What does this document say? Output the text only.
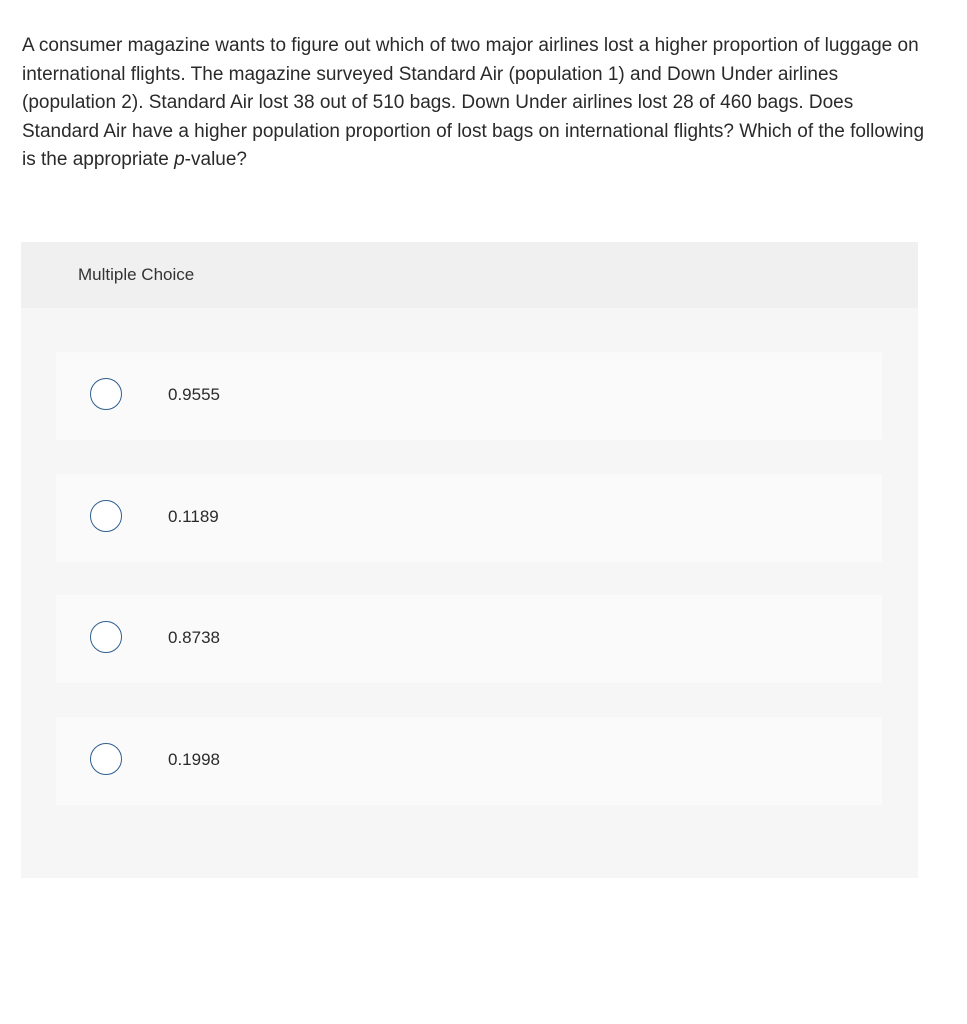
A consumer magazine wants to figure out which of two major airlines lost a higher proportion of luggage on international flights. The magazine surveyed Standard Air (population 1) and Down Under airlines (population 2). Standard Air lost 38 out of 510 bags. Down Under airlines lost 28 of 460 bags. Does Standard Air have a higher population proportion of lost bags on international flights? Which of the following is the appropriate p-value?

Multiple Choice
0.9555
0.1189
0.8738
0.1998
